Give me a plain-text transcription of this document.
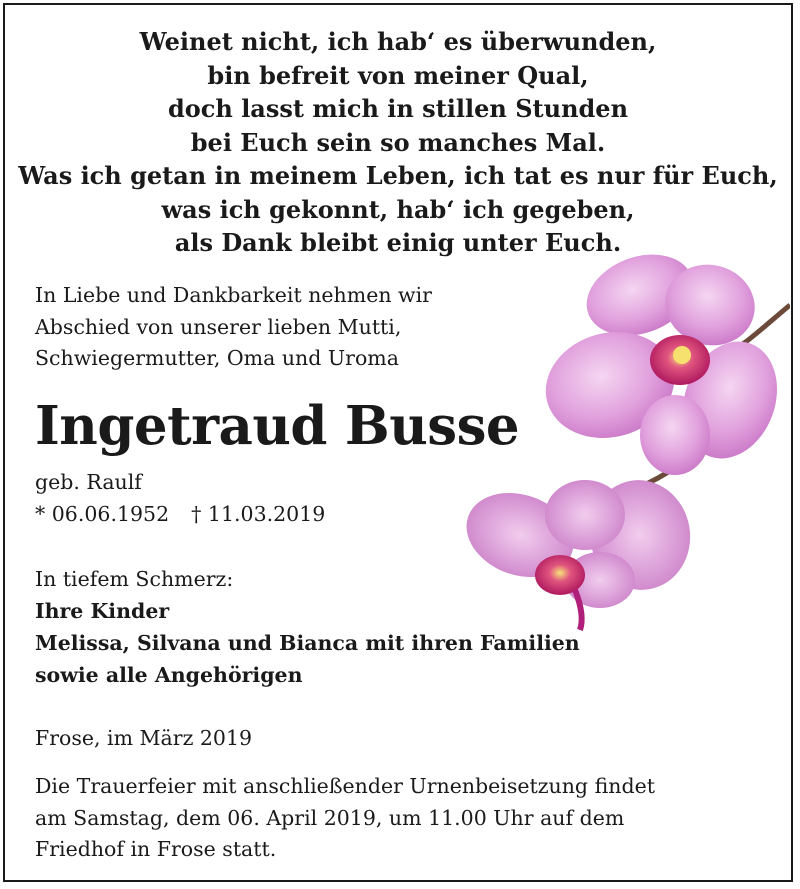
Weinet nicht, ich hab‘ es überwunden,
bin befreit von meiner Qual,
doch lasst mich in stillen Stunden
bei Euch sein so manches Mal.
Was ich getan in meinem Leben, ich tat es nur für Euch,
was ich gekonnt, hab‘ ich gegeben,
als Dank bleibt einig unter Euch.
In Liebe und Dankbarkeit nehmen wir
Abschied von unserer lieben Mutti,
Schwiegermutter, Oma und Uroma
Ingetraud Busse
geb. Raulf
* 06.06.1952 † 11.03.2019
In tiefem Schmerz:
Ihre Kinder
Melissa, Silvana und Bianca mit ihren Familien
sowie alle Angehörigen
Frose, im März 2019
Die Trauerfeier mit anschließender Urnenbeisetzung findet
am Samstag, dem 06. April 2019, um 11.00 Uhr auf dem
Friedhof in Frose statt.
